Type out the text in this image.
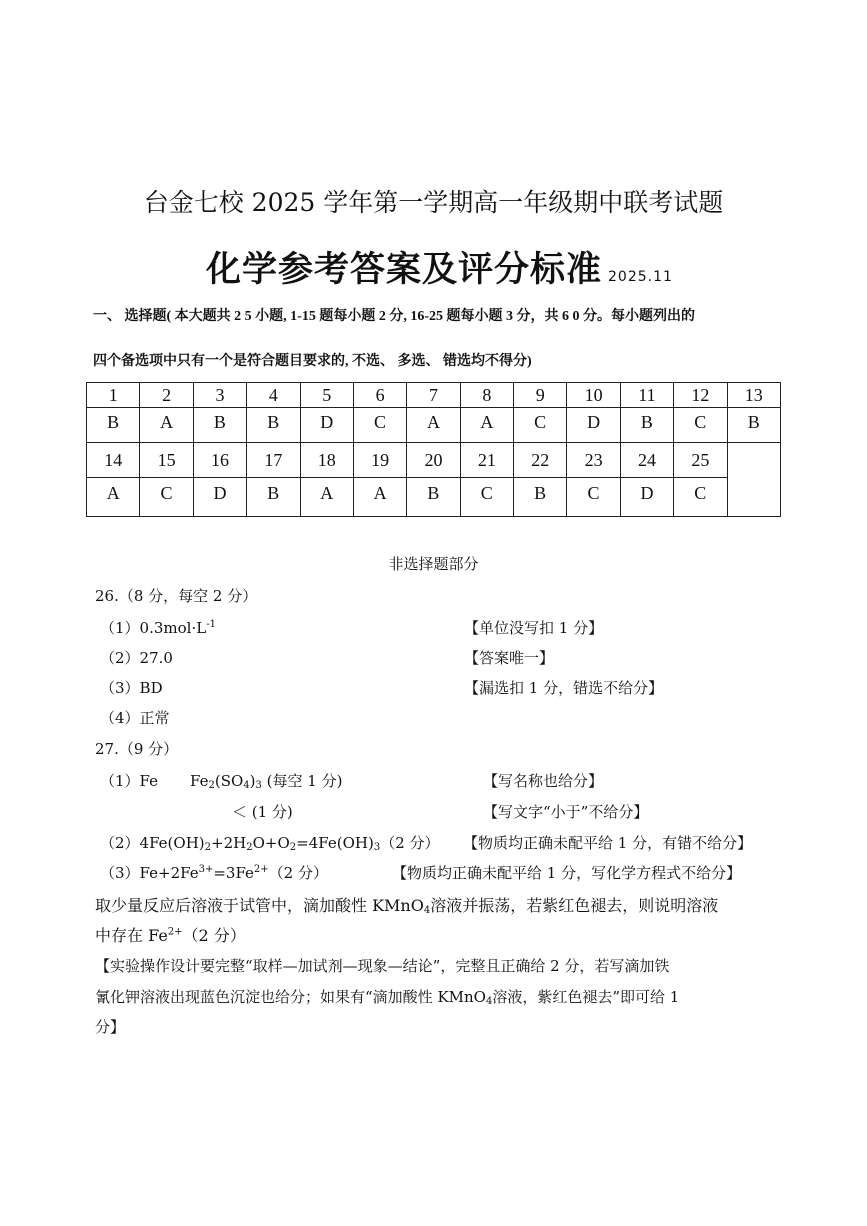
台金七校 2025 学年第一学期高一年级期中联考试题
化学参考答案及评分标准 2025.11
一、 选择题( 本大题共 2 5 小题, 1-15 题每小题 2 分, 16-25 题每小题 3 分，共 6 0 分。每小题列出的
四个备选项中只有一个是符合题目要求的, 不选、 多选、 错选均不得分)
1	2	3	4	5	6	7	8	9	10	11	12	13
B	A	B	B	D	C	A	A	C	D	B	C	B
14	15	16	17	18	19	20	21	22	23	24	25	
A	C	D	B	A	A	B	C	B	C	D	C	
非选择题部分
26.（8 分，每空 2 分）
$(1)0.3mol\cdot L^{-1}$	【单位没写扣 1 分】
（2）27.0	【答案唯一】
（3）BD	【漏选扣 1 分，错选不给分】
（4）正常
27.（9 分）
（1）Fe $Fe_2(SO_4)_3$ (每空 1 分)	【写名称也给分】
＜ (1 分)	【写文字“小于”不给分】
$(2)4Fe(OH)_2+2H_2O+O_2=4Fe(OH)_3(2$ 分） 【物质均正确未配平给 1 分，有错不给分】
$(3)Fe+2Fe^{3+}=3Fe^{2+}(2$ 分）	【物质均正确未配平给 1 分，写化学方程式不给分】
取少量反应后溶液于试管中，滴加酸性 KMnO$_4$溶液并振荡，若紫红色褪去，则说明溶液
中存在 $Fe^{2+}(2$ 分）
【实验操作设计要完整“取样—加试剂—现象—结论”，完整且正确给 2 分，若写滴加铁
氰化钾溶液出现蓝色沉淀也给分；如果有“滴加酸性 KMnO$_4$溶液，紫红色褪去”即可给 1
分】
